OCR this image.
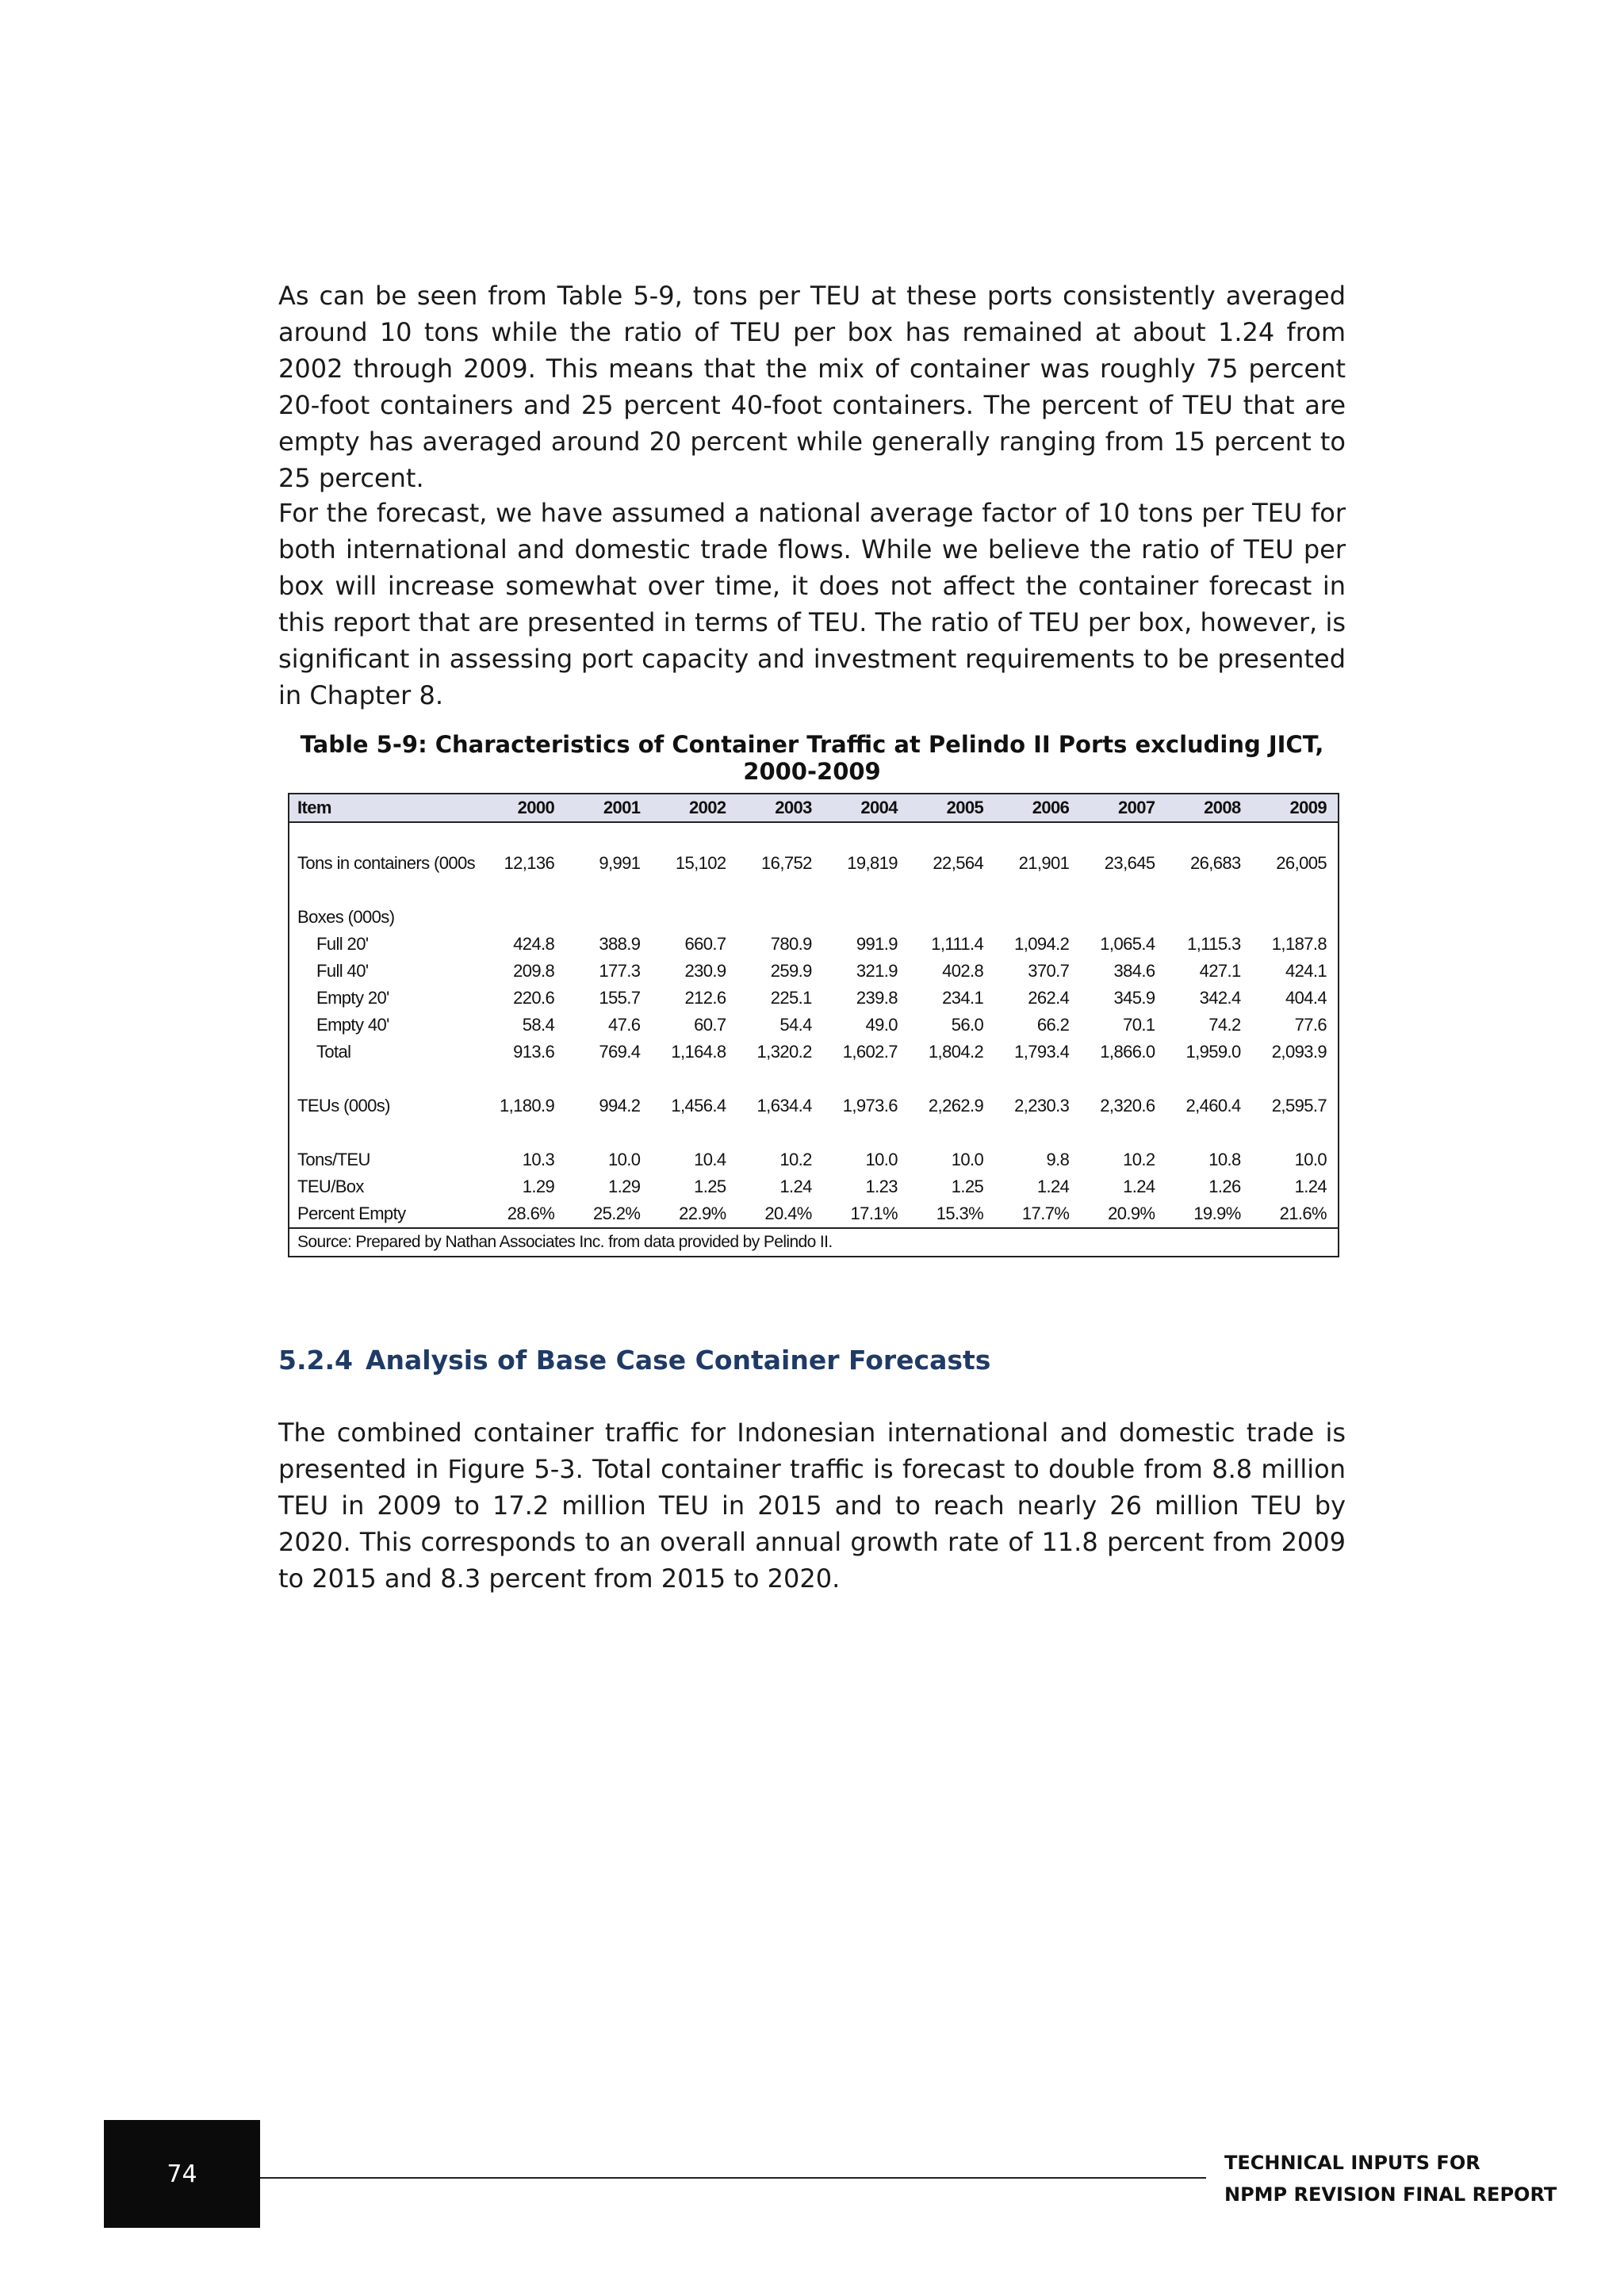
As can be seen from Table 5-9, tons per TEU at these ports consistently averaged around 10 tons while the ratio of TEU per box has remained at about 1.24 from 2002 through 2009. This means that the mix of container was roughly 75 percent 20-foot containers and 25 percent 40-foot containers. The percent of TEU that are empty has averaged around 20 percent while generally ranging from 15 percent to 25 percent.

For the forecast, we have assumed a national average factor of 10 tons per TEU for both international and domestic trade flows. While we believe the ratio of TEU per box will increase somewhat over time, it does not affect the container forecast in this report that are presented in terms of TEU. The ratio of TEU per box, however, is significant in assessing port capacity and investment requirements to be presented in Chapter 8.

Table 5-9: Characteristics of Container Traffic at Pelindo II Ports excluding JICT, 2000-2009

Item	2000	2001	2002	2003	2004	2005	2006	2007	2008	2009

Tons in containers (000s	12,136	9,991	15,102	16,752	19,819	22,564	21,901	23,645	26,683	26,005

Boxes (000s)										
Full 20'	424.8	388.9	660.7	780.9	991.9	1,111.4	1,094.2	1,065.4	1,115.3	1,187.8
Full 40'	209.8	177.3	230.9	259.9	321.9	402.8	370.7	384.6	427.1	424.1
Empty 20'	220.6	155.7	212.6	225.1	239.8	234.1	262.4	345.9	342.4	404.4
Empty 40'	58.4	47.6	60.7	54.4	49.0	56.0	66.2	70.1	74.2	77.6
Total	913.6	769.4	1,164.8	1,320.2	1,602.7	1,804.2	1,793.4	1,866.0	1,959.0	2,093.9

TEUs (000s)	1,180.9	994.2	1,456.4	1,634.4	1,973.6	2,262.9	2,230.3	2,320.6	2,460.4	2,595.7

Tons/TEU	10.3	10.0	10.4	10.2	10.0	10.0	9.8	10.2	10.8	10.0
TEU/Box	1.29	1.29	1.25	1.24	1.23	1.25	1.24	1.24	1.26	1.24
Percent Empty	28.6%	25.2%	22.9%	20.4%	17.1%	15.3%	17.7%	20.9%	19.9%	21.6%
Source: Prepared by Nathan Associates Inc. from data provided by Pelindo II.										
5.2.4 Analysis of Base Case Container Forecasts

The combined container traffic for Indonesian international and domestic trade is presented in Figure 5-3. Total container traffic is forecast to double from 8.8 million TEU in 2009 to 17.2 million TEU in 2015 and to reach nearly 26 million TEU by 2020. This corresponds to an overall annual growth rate of 11.8 percent from 2009 to 2015 and 8.3 percent from 2015 to 2020.

74	TECHNICAL INPUTS FOR
NPMP REVISION FINAL REPORT
